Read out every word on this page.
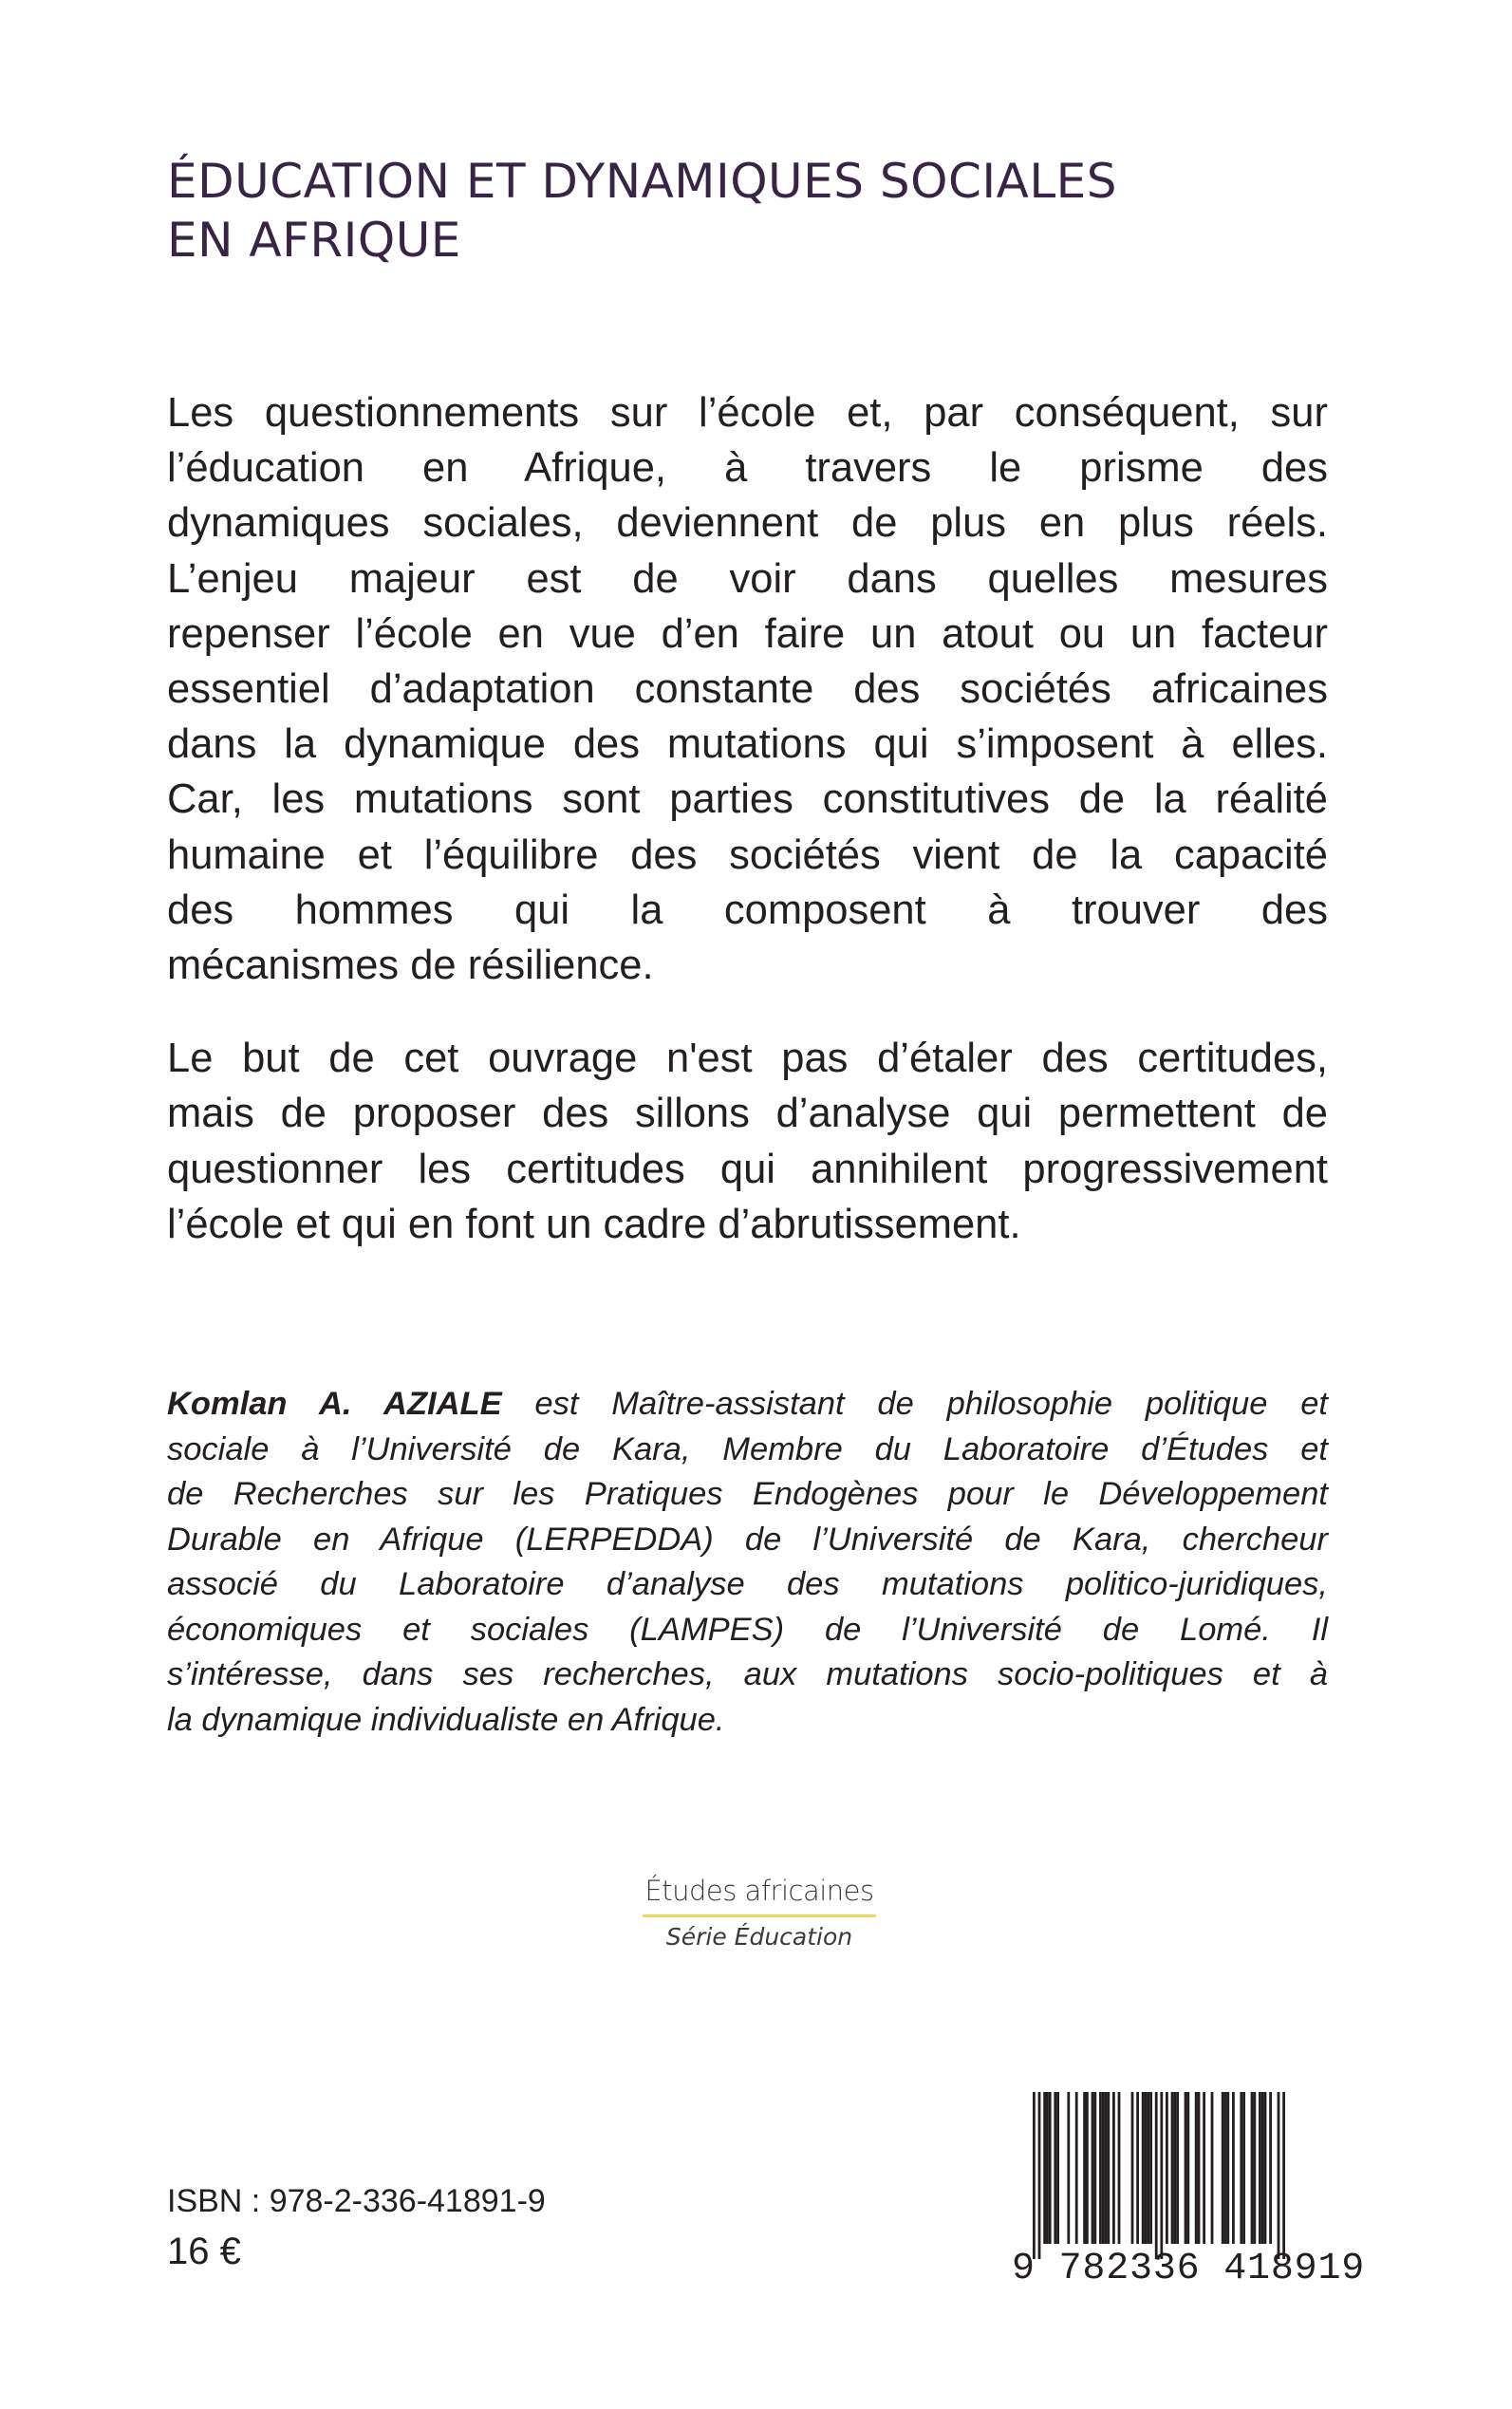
ÉDUCATION ET DYNAMIQUES SOCIALES
EN AFRIQUE

Les questionnements sur l’école et, par conséquent, sur
l’éducation en Afrique, à travers le prisme des
dynamiques sociales, deviennent de plus en plus réels.
L’enjeu majeur est de voir dans quelles mesures
repenser l’école en vue d’en faire un atout ou un facteur
essentiel d’adaptation constante des sociétés africaines
dans la dynamique des mutations qui s’imposent à elles.
Car, les mutations sont parties constitutives de la réalité
humaine et l’équilibre des sociétés vient de la capacité
des hommes qui la composent à trouver des
mécanismes de résilience.

Le but de cet ouvrage n'est pas d’étaler des certitudes,
mais de proposer des sillons d’analyse qui permettent de
questionner les certitudes qui annihilent progressivement
l’école et qui en font un cadre d’abrutissement.

Komlan A. AZIALE est Maître-assistant de philosophie politique et
sociale à l’Université de Kara, Membre du Laboratoire d’Études et
de Recherches sur les Pratiques Endogènes pour le Développement
Durable en Afrique (LERPEDDA) de l’Université de Kara, chercheur
associé du Laboratoire d’analyse des mutations politico-juridiques,
économiques et sociales (LAMPES) de l’Université de Lomé. Il
s’intéresse, dans ses recherches, aux mutations socio-politiques et à
la dynamique individualiste en Afrique.
Études africaines
Série Éducation
ISBN : 978-2-336-41891-9
16 €	9 782336 418919
